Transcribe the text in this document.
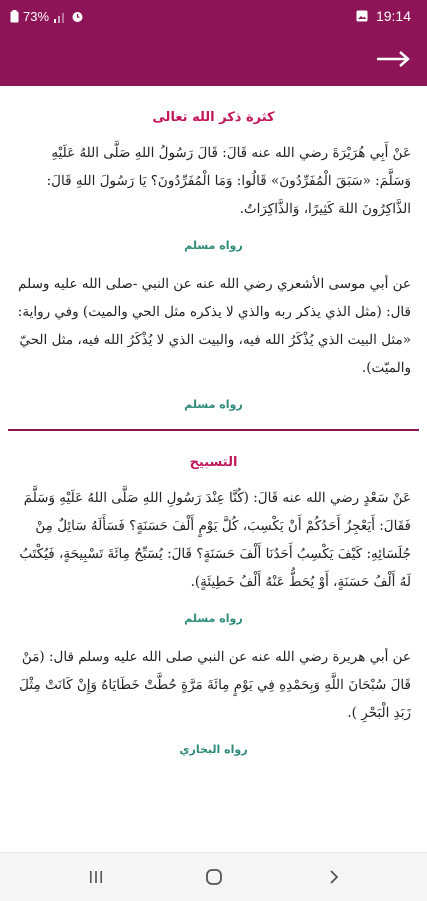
73%	19:14
كثرة ذكر الله تعالى
عَنْ أَبِي هُرَيْرَةَ رضي الله عنه قَالَ: قَالَ رَسُولُ اللهِ صَلَّى اللهُ عَلَيْهِ وَسَلَّمَ: «سَبَقَ الْمُفَرِّدُونَ» قَالُوا: وَمَا الْمُفَرِّدُونَ؟ يَا رَسُولَ اللهِ قَالَ: الذَّاكِرُونَ اللهَ كَثِيرًا، وَالذَّاكِرَاتُ.
رواه مسلم
عن أبي موسى الأشعري رضي الله عنه عن النبي -صلى الله عليه وسلم قال: (مثل الذي يذكر ربه والذي لا يذكره مثل الحي والميت) وفي رواية: «مثل البيت الذي يُذْكَرُ الله فيه، والبيت الذي لا يُذْكَرُ الله فيه، مثل الحيّ والميّت).
رواه مسلم
التسبيح
عَنْ سَعْدٍ رضي الله عنه قَالَ: (كُنَّا عِنْدَ رَسُولِ اللهِ صَلَّى اللهُ عَلَيْهِ وَسَلَّمَ فَقَالَ: أَيَعْجِزُ أَحَدُكُمْ أَنْ يَكْسِبَ، كُلَّ يَوْمٍ أَلْفَ حَسَنَةٍ؟ فَسَأَلَهُ سَائِلٌ مِنْ جُلَسَائِهِ: كَيْفَ يَكْسِبُ أَحَدُنَا أَلْفَ حَسَنَةٍ؟ قَالَ: يُسَبِّحُ مِائَةَ تَسْبِيحَةٍ، فَيُكْتَبُ لَهُ أَلْفُ حَسَنَةٍ، أَوْ يُحَطُّ عَنْهُ أَلْفُ خَطِيئَةٍ).
رواه مسلم
عن أبي هريرة رضي الله عنه عن النبي صلى الله عليه وسلم قال: (مَنْ قَالَ سُبْحَانَ اللَّهِ وَبِحَمْدِهِ فِي يَوْمٍ مِائَةَ مَرَّةٍ حُطَّتْ خَطَايَاهُ وَإِنْ كَانَتْ مِثْلَ زَبَدِ الْبَحْرِ ).
رواه البخاري
